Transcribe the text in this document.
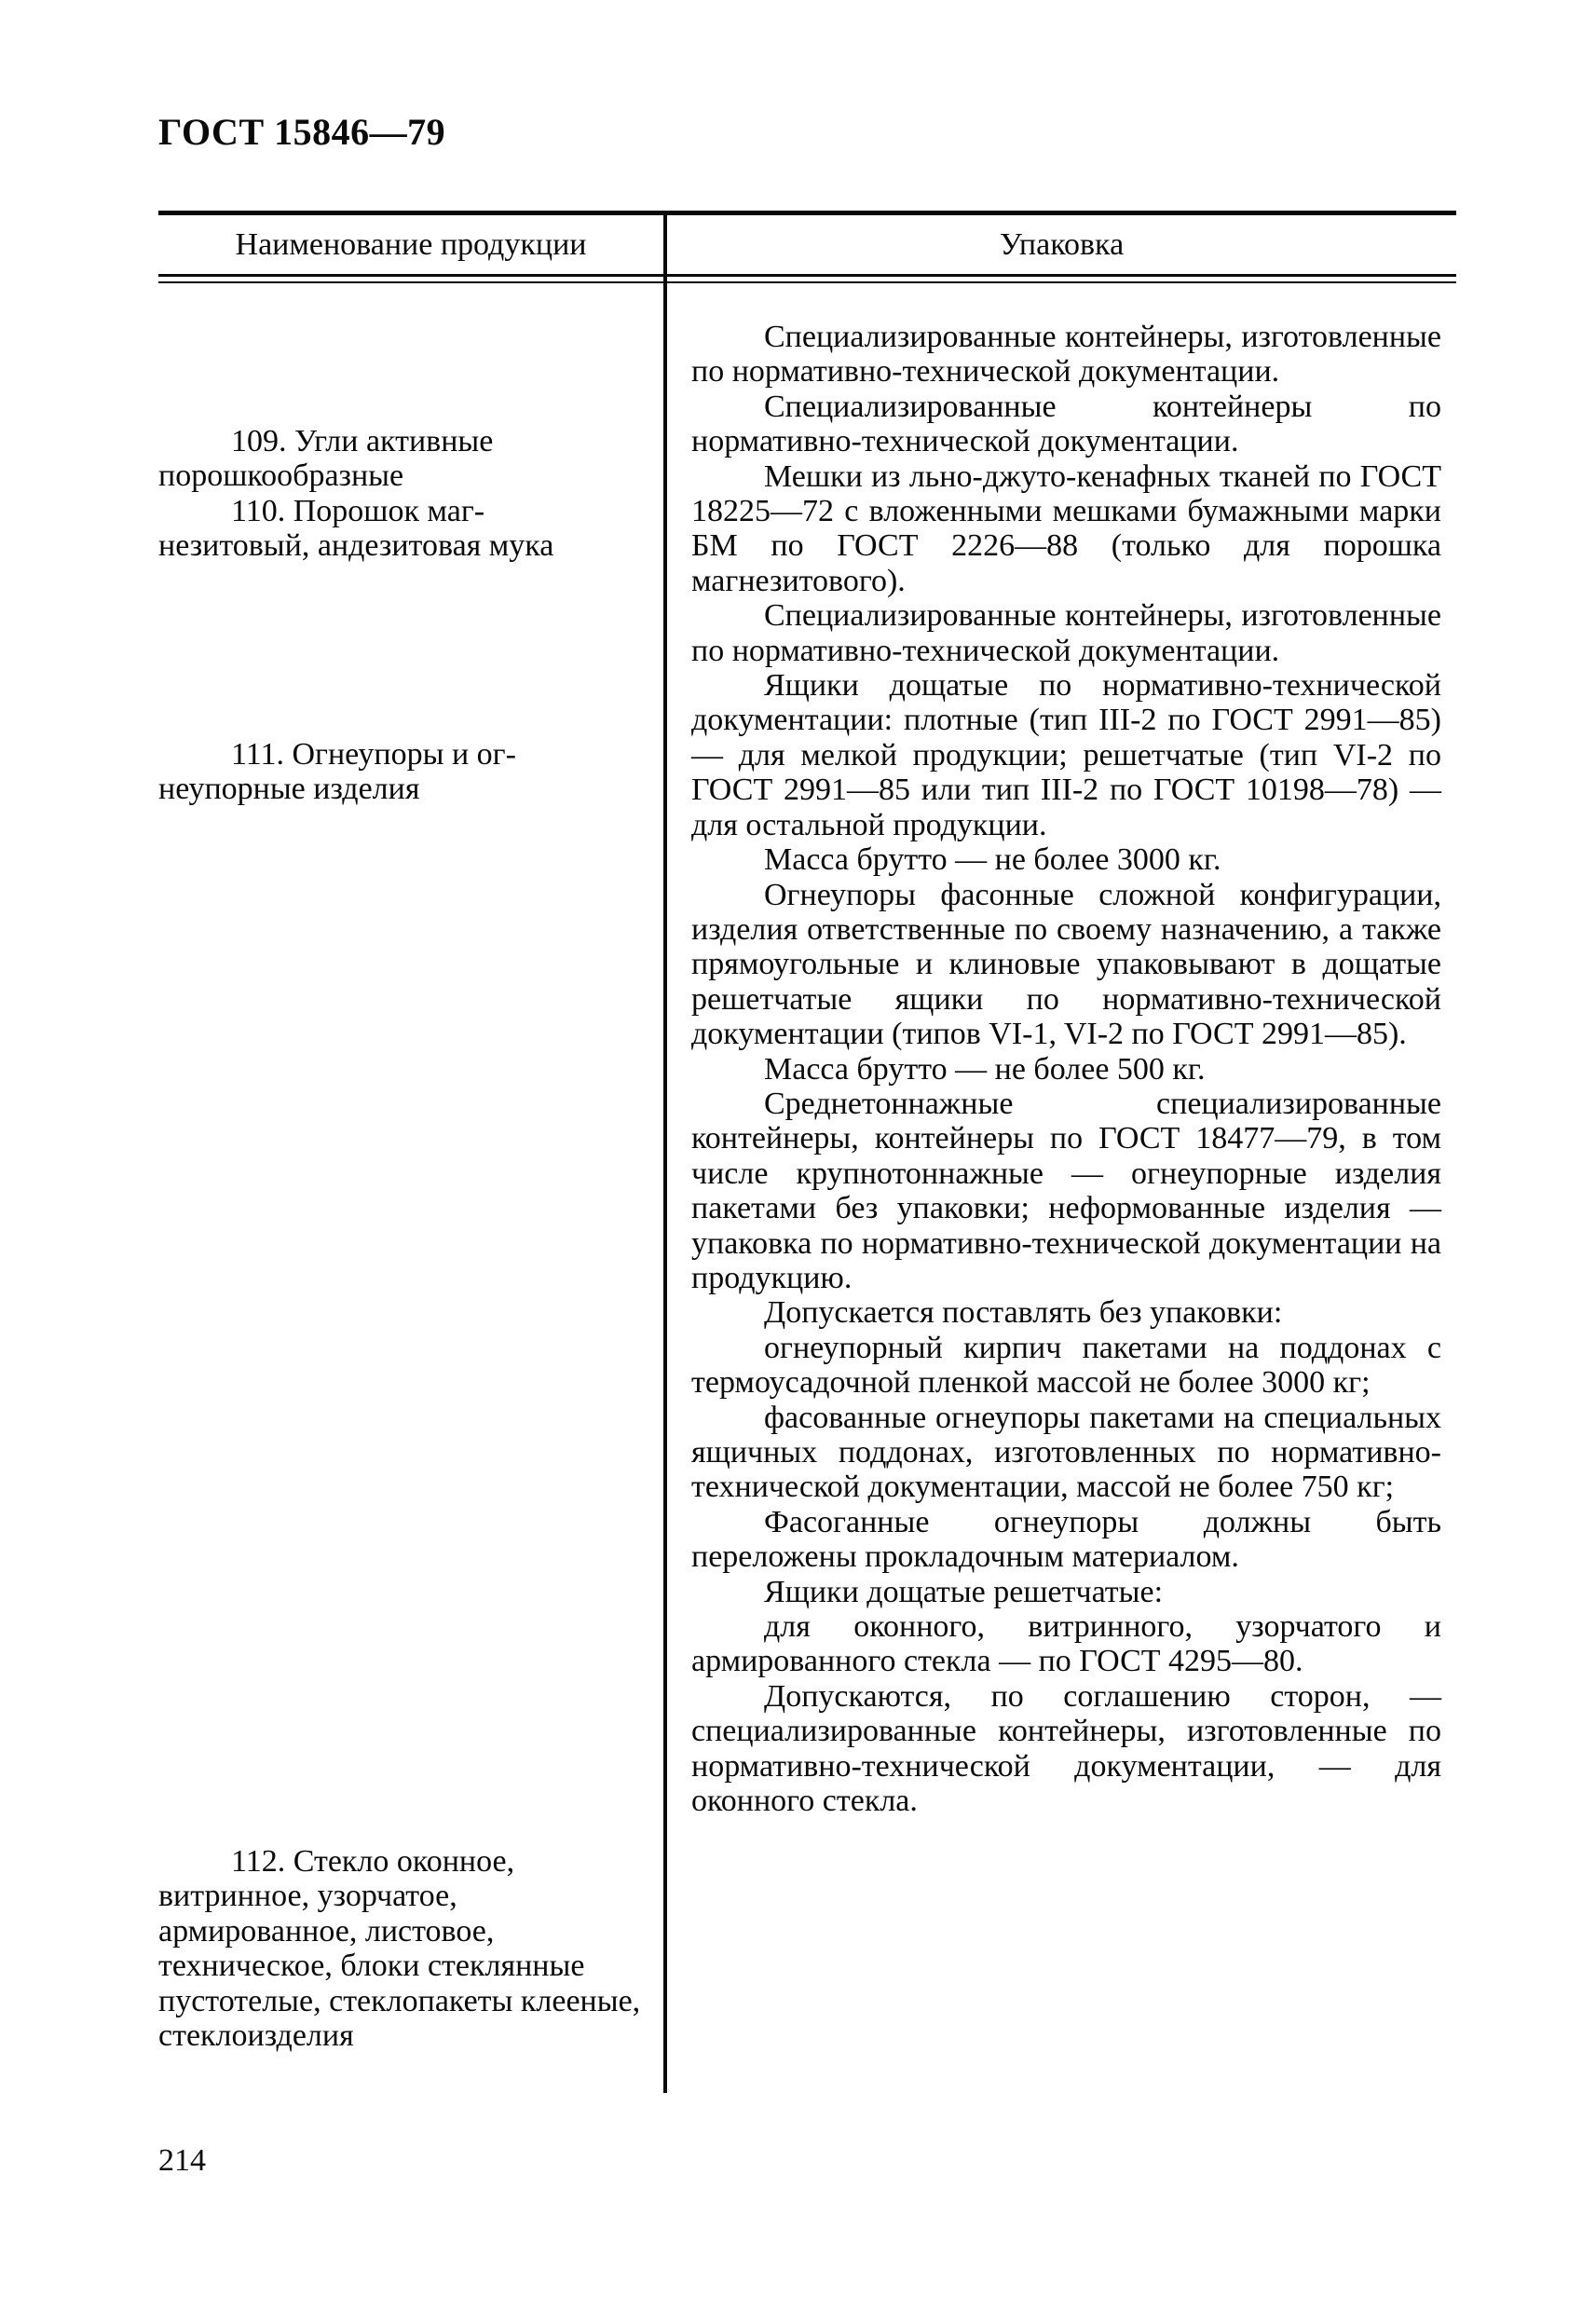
ГОСТ 15846—79
Наименование продукции	Упаковка
109. Угли активные
порошкообразные
110. Порошок маг-
незитовый, андезитовая мука
111. Огнеупоры и ог-
неупорные изделия
112. Стекло оконное,
витринное, узорчатое, армированное, листовое, техническое, блоки стеклянные пустотелые, стеклопакеты клееные, стеклоизделия

Специализированные контейнеры, изготовленные по нормативно-технической документации.

Специализированные контейнеры по нормативно-технической документации.

Мешки из льно-джуто-кенафных тканей по ГОСТ 18225—72 с вложенными мешками бумажными марки БМ по ГОСТ 2226—88 (только для порошка магнезитового).

Специализированные контейнеры, изготовленные по нормативно-технической документации.

Ящики дощатые по нормативно-технической документации: плотные (тип III-2 по ГОСТ 2991—85) — для мелкой продукции; решетчатые (тип VI-2 по ГОСТ 2991—85 или тип III-2 по ГОСТ 10198—78) — для остальной продукции.

Масса брутто — не более 3000 кг.

Огнеупоры фасонные сложной конфигурации, изделия ответственные по своему назначению, а также прямоугольные и клиновые упаковывают в дощатые решетчатые ящики по нормативно-технической документации (типов VI-1, VI-2 по ГОСТ 2991—85).

Масса брутто — не более 500 кг.

Среднетоннажные специализированные контейнеры, контейнеры по ГОСТ 18477—79, в том числе крупнотоннажные — огнеупорные изделия пакетами без упаковки; неформованные изделия — упаковка по нормативно-технической документации на продукцию.

Допускается поставлять без упаковки:

огнеупорный кирпич пакетами на поддонах с термоусадочной пленкой массой не более 3000 кг;

фасованные огнеупоры пакетами на специальных ящичных поддонах, изготовленных по нормативно-технической документации, массой не более 750 кг;

Фасоганные огнеупоры должны быть переложены прокладочным материалом.

Ящики дощатые решетчатые:

для оконного, витринного, узорчатого и армированного стекла — по ГОСТ 4295—80.

Допускаются, по соглашению сторон, — специализированные контейнеры, изготовленные по нормативно-технической документации, — для оконного стекла.

214
